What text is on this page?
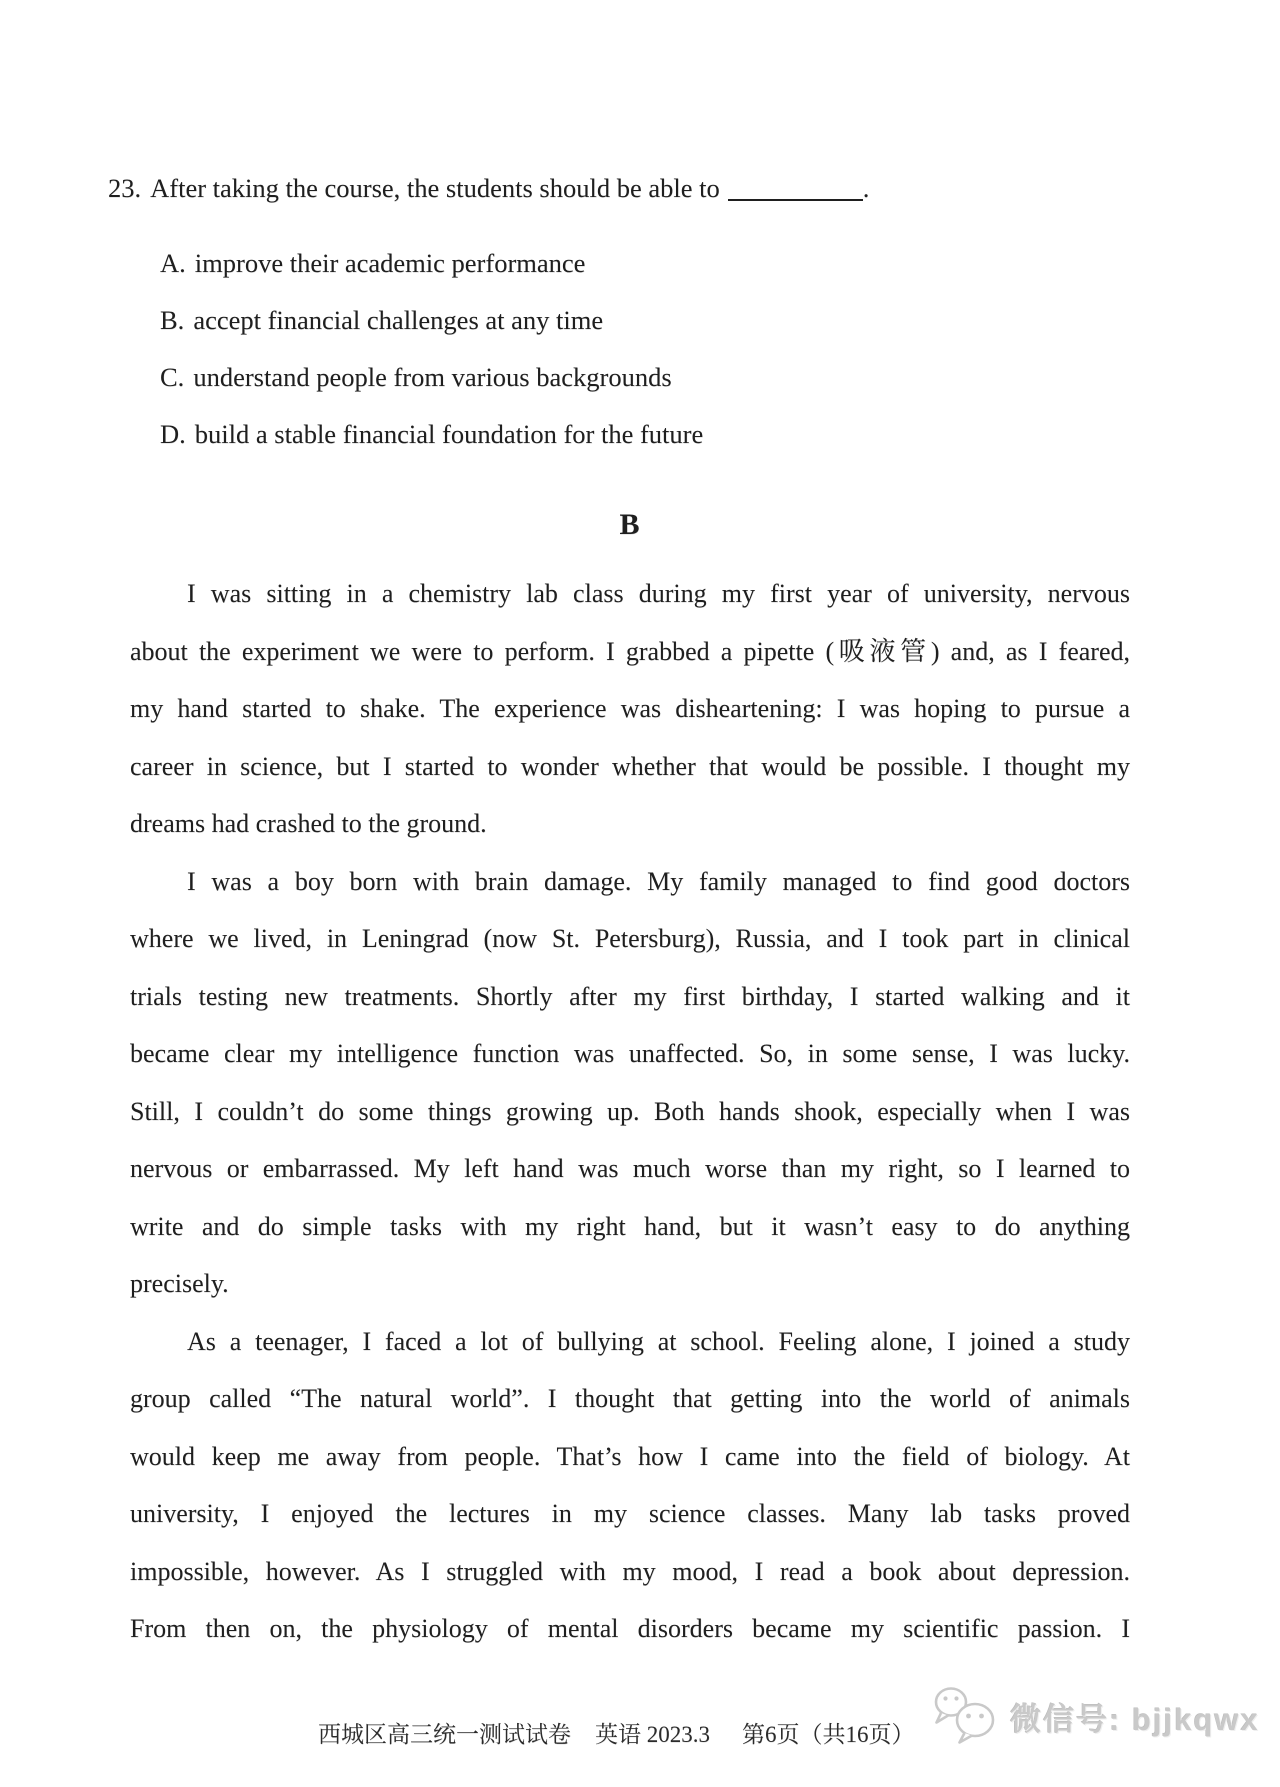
23. After taking the course, the students should be able to	.
A. improve their academic performance
B. accept financial challenges at any time
C. understand people from various backgrounds
D. build a stable financial foundation for the future
B
I was sitting in a chemistry lab class during my first year of university, nervous
about the experiment we were to perform. I grabbed a pipette (吸液管) and, as I feared,
my hand started to shake. The experience was disheartening: I was hoping to pursue a
career in science, but I started to wonder whether that would be possible. I thought my
dreams had crashed to the ground.
I was a boy born with brain damage. My family managed to find good doctors
where we lived, in Leningrad (now St. Petersburg), Russia, and I took part in clinical
trials testing new treatments. Shortly after my first birthday, I started walking and it
became clear my intelligence function was unaffected. So, in some sense, I was lucky.
Still, I couldn’t do some things growing up. Both hands shook, especially when I was
nervous or embarrassed. My left hand was much worse than my right, so I learned to
write and do simple tasks with my right hand, but it wasn’t easy to do anything
precisely.
As a teenager, I faced a lot of bullying at school. Feeling alone, I joined a study
group called “The natural world”. I thought that getting into the world of animals
would keep me away from people. That’s how I came into the field of biology. At
university, I enjoyed the lectures in my science classes. Many lab tasks proved
impossible, however. As I struggled with my mood, I read a book about depression.
From then on, the physiology of mental disorders became my scientific passion. I
西城区高三统一测试试卷 英语 2023.3 第6页（共16页）	微信号: bjjkqwx
